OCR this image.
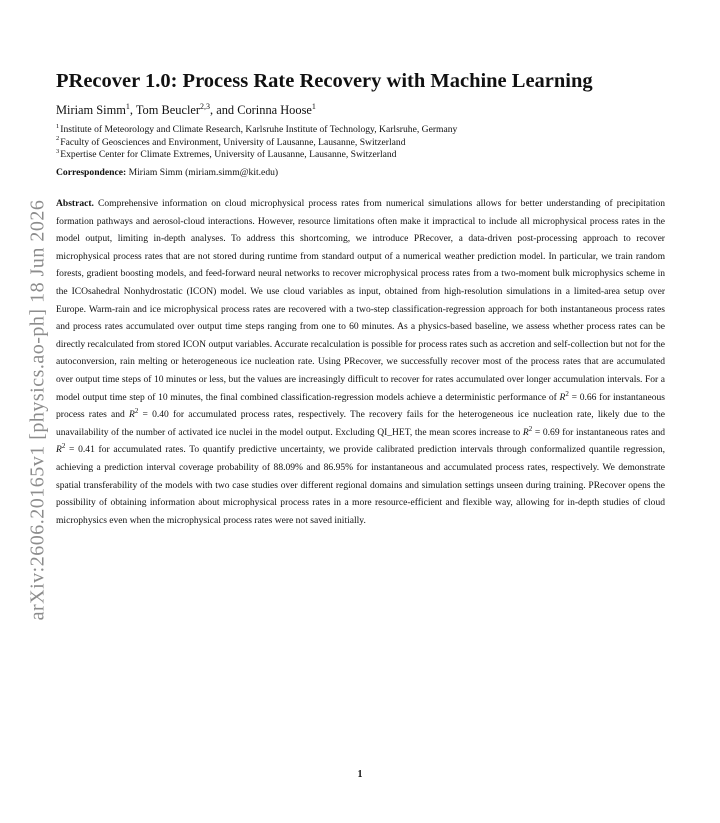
arXiv:2606.20165v1 [physics.ao-ph] 18 Jun 2026
PRecover 1.0: Process Rate Recovery with Machine Learning
Miriam Simm$^1$, Tom Beucler$^{2,3}$, and Corinna Hoose$^1$
$^1$Institute of Meteorology and Climate Research, Karlsruhe Institute of Technology, Karlsruhe, Germany
$^2$Faculty of Geosciences and Environment, University of Lausanne, Lausanne, Switzerland
$^3$Expertise Center for Climate Extremes, University of Lausanne, Lausanne, Switzerland
Correspondence: Miriam Simm (miriam.simm@kit.edu)

Abstract. Comprehensive information on cloud microphysical process rates from numerical simulations allows for better understanding of precipitation formation pathways and aerosol-cloud interactions. However, resource limitations often make it impractical to include all microphysical process rates in the model output, limiting in-depth analyses. To address this shortcoming, we introduce PRecover, a data-driven post-processing approach to recover microphysical process rates that are not stored during runtime from standard output of a numerical weather prediction model. In particular, we train random forests, gradient boosting models, and feed-forward neural networks to recover microphysical process rates from a two-moment bulk microphysics scheme in the ICOsahedral Nonhydrostatic (ICON) model. We use cloud variables as input, obtained from high-resolution simulations in a limited-area setup over Europe. Warm-rain and ice microphysical process rates are recovered with a two-step classification-regression approach for both instantaneous process rates and process rates accumulated over output time steps ranging from one to 60 minutes. As a physics-based baseline, we assess whether process rates can be directly recalculated from stored ICON output variables. Accurate recalculation is possible for process rates such as accretion and self-collection but not for the autoconversion, rain melting or heterogeneous ice nucleation rate. Using PRecover, we successfully recover most of the process rates that are accumulated over output time steps of 10 minutes or less, but the values are increasingly difficult to recover for rates accumulated over longer accumulation intervals. For a model output time step of 10 minutes, the final combined classification-regression models achieve a deterministic performance of $R^2 = 0.66$ for instantaneous process rates and $R^2 = 0.40$ for accumulated process rates, respectively. The recovery fails for the heterogeneous ice nucleation rate, likely due to the unavailability of the number of activated ice nuclei in the model output. Excluding QI_HET, the mean scores increase to $R^2 = 0.69$ for instantaneous rates and $R^2 = 0.41$ for accumulated rates. To quantify predictive uncertainty, we provide calibrated prediction intervals through conformalized quantile regression, achieving a prediction interval coverage probability of 88.09% and 86.95% for instantaneous and accumulated process rates, respectively. We demonstrate spatial transferability of the models with two case studies over different regional domains and simulation settings unseen during training. PRecover opens the possibility of obtaining information about microphysical process rates in a more resource-efficient and flexible way, allowing for in-depth studies of cloud microphysics even when the microphysical process rates were not saved initially.

1
